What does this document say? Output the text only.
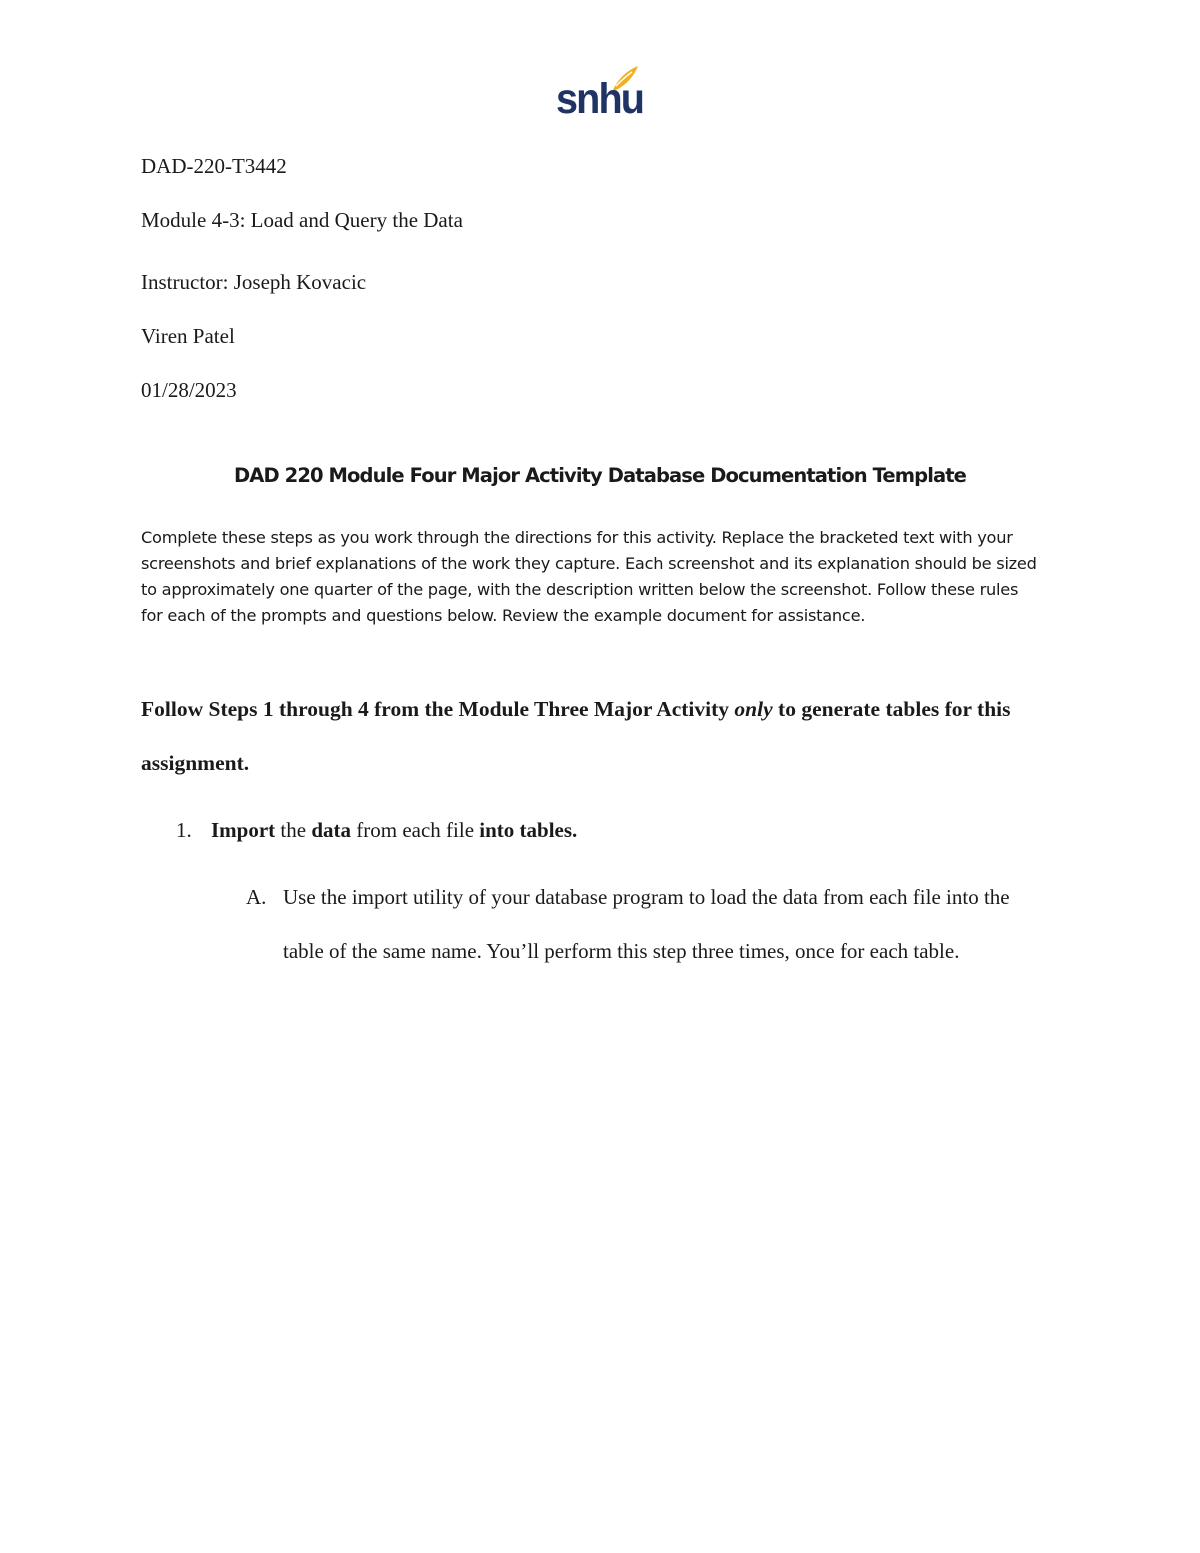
snhu
DAD-220-T3442
Module 4-3: Load and Query the Data
Instructor: Joseph Kovacic
Viren Patel
01/28/2023
DAD 220 Module Four Major Activity Database Documentation Template

Complete these steps as you work through the directions for this activity. Replace the bracketed text with your screenshots and brief explanations of the work they capture. Each screenshot and its explanation should be sized to approximately one quarter of the page, with the description written below the screenshot. Follow these rules for each of the prompts and questions below. Review the example document for assistance.

Follow Steps 1 through 4 from the Module Three Major Activity only to generate tables for this assignment.

1. Import the data from each file into tables.
A. Use the import utility of your database program to load the data from each file into the table of the same name. You’ll perform this step three times, once for each table.
